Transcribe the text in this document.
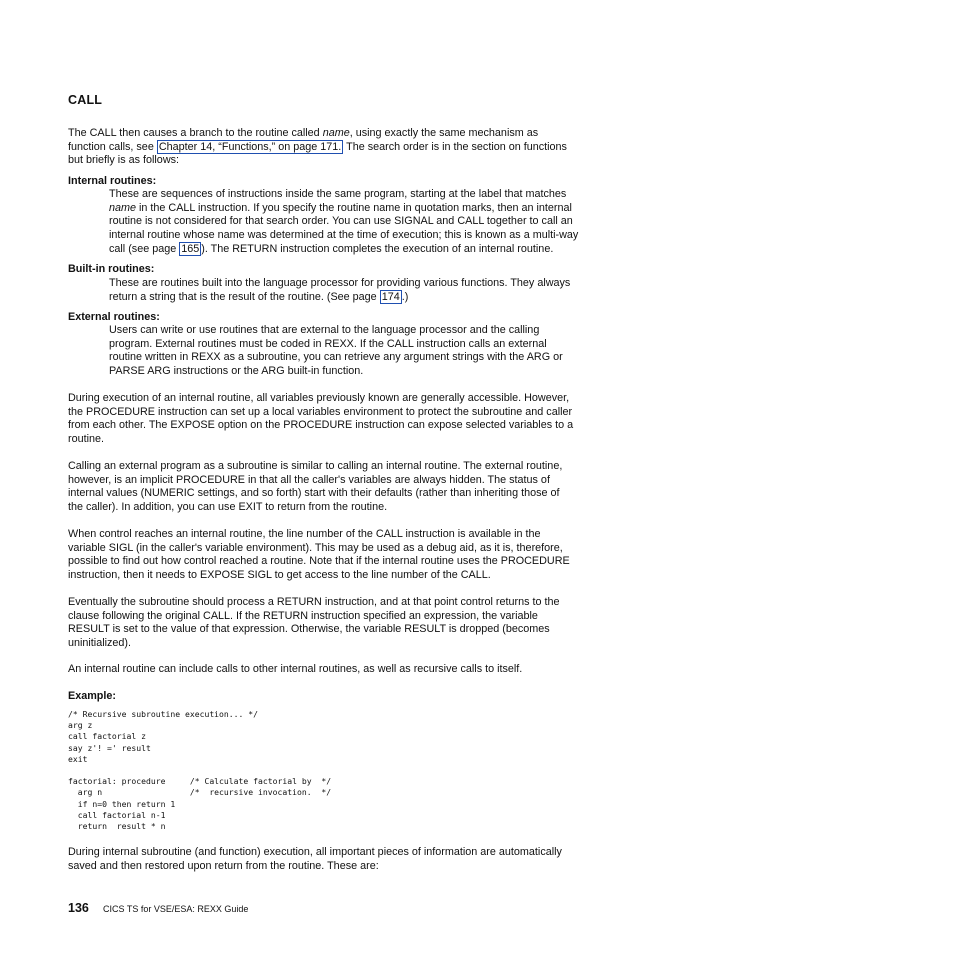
CALL
The CALL then causes a branch to the routine called name, using exactly the same mechanism as
function calls, see Chapter 14, “Functions,” on page 171. The search order is in the section on functions
but briefly is as follows:
Internal routines:
These are sequences of instructions inside the same program, starting at the label that matches
name in the CALL instruction. If you specify the routine name in quotation marks, then an internal
routine is not considered for that search order. You can use SIGNAL and CALL together to call an
internal routine whose name was determined at the time of execution; this is known as a multi-way
call (see page 165 ). The RETURN instruction completes the execution of an internal routine.
Built-in routines:
These are routines built into the language processor for providing various functions. They always
return a string that is the result of the routine. (See page 174 .)
External routines:
Users can write or use routines that are external to the language processor and the calling
program. External routines must be coded in REXX. If the CALL instruction calls an external
routine written in REXX as a subroutine, you can retrieve any argument strings with the ARG or
PARSE ARG instructions or the ARG built-in function.
During execution of an internal routine, all variables previously known are generally accessible. However,
the PROCEDURE instruction can set up a local variables environment to protect the subroutine and caller
from each other. The EXPOSE option on the PROCEDURE instruction can expose selected variables to a
routine.
Calling an external program as a subroutine is similar to calling an internal routine. The external routine,
however, is an implicit PROCEDURE in that all the caller's variables are always hidden. The status of
internal values (NUMERIC settings, and so forth) start with their defaults (rather than inheriting those of
the caller). In addition, you can use EXIT to return from the routine.
When control reaches an internal routine, the line number of the CALL instruction is available in the
variable SIGL (in the caller's variable environment). This may be used as a debug aid, as it is, therefore,
possible to find out how control reached a routine. Note that if the internal routine uses the PROCEDURE
instruction, then it needs to EXPOSE SIGL to get access to the line number of the CALL.
Eventually the subroutine should process a RETURN instruction, and at that point control returns to the
clause following the original CALL. If the RETURN instruction specified an expression, the variable
RESULT is set to the value of that expression. Otherwise, the variable RESULT is dropped (becomes
uninitialized).
An internal routine can include calls to other internal routines, as well as recursive calls to itself.
Example:
/* Recursive subroutine execution... */
arg z
call factorial z
say z'! =' result
exit

factorial: procedure     /* Calculate factorial by  */
arg n                  /*  recursive invocation.  */
if n=0 then return 1
call factorial n-1
return  result * n
During internal subroutine (and function) execution, all important pieces of information are automatically
saved and then restored upon return from the routine. These are:
136 CICS TS for VSE/ESA: REXX Guide
